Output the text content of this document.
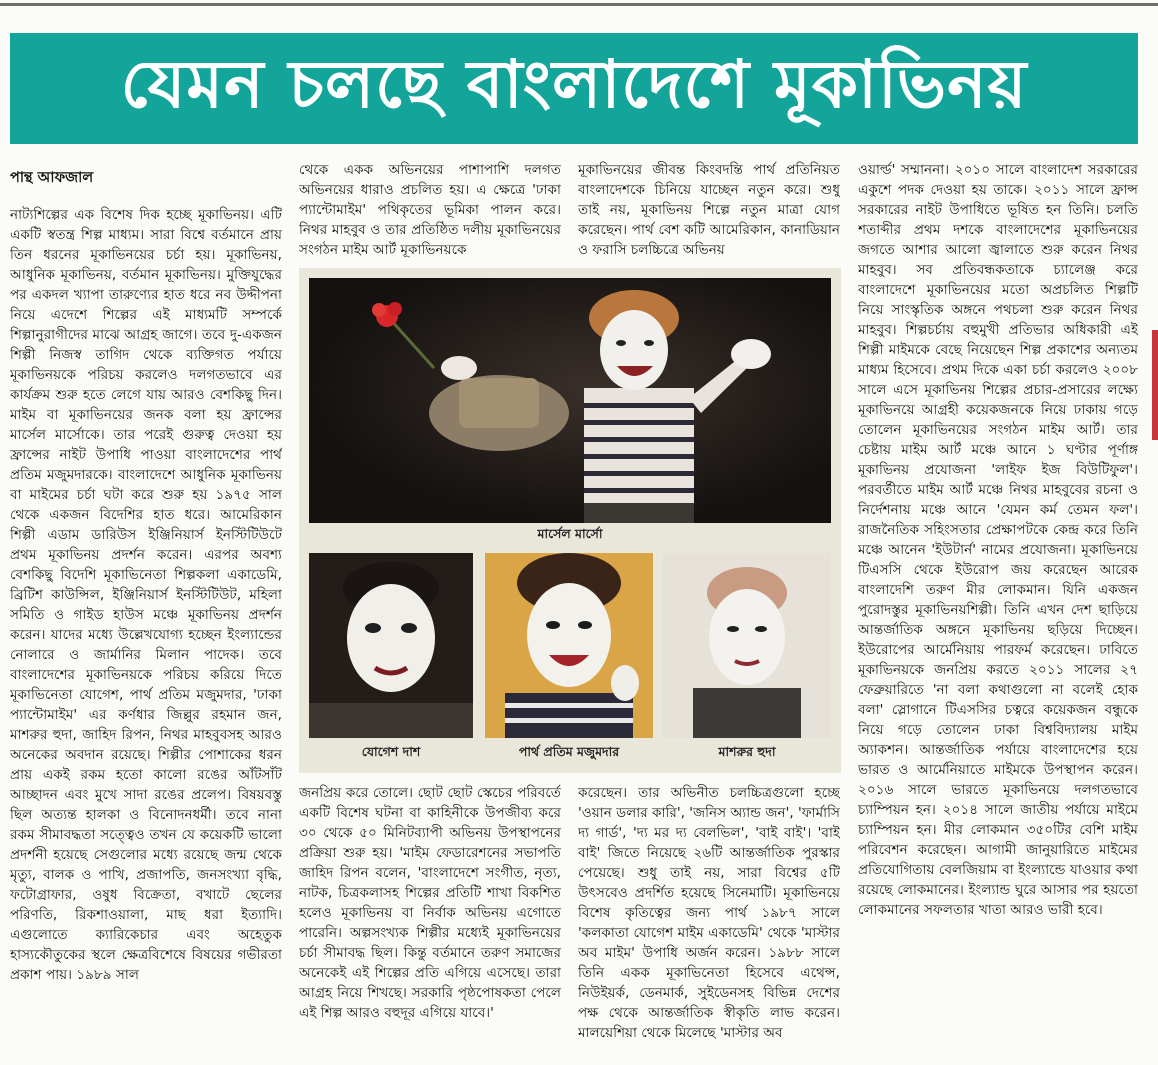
যেমন চলছে বাংলাদেশে মূকাভিনয়

পান্থ আফজাল

নাট্যশিল্পের এক বিশেষ দিক হচ্ছে মূকাভিনয়। এটি একটি স্বতন্ত্র শিল্প মাধ্যম। সারা বিশ্বে বর্তমানে প্রায় তিন ধরনের মূকাভিনয়ের চর্চা হয়। মূকাভিনয়, আধুনিক মূকাভিনয়, বর্তমান মূকাভিনয়। মুক্তিযুদ্ধের পর একদল খ্যাপা তারুণ্যের হাত ধরে নব উদ্দীপনা নিয়ে এদেশে শিল্পের এই মাধ্যমটি সম্পর্কে শিল্পানুরাগীদের মাঝে আগ্রহ জাগে। তবে দু-একজন শিল্পী নিজস্ব তাগিদ থেকে ব্যক্তিগত পর্যায়ে মূকাভিনয়কে পরিচয় করলেও দলগতভাবে এর কার্যক্রম শুরু হতে লেগে যায় আরও বেশকিছু দিন। মাইম বা মূকাভিনয়ের জনক বলা হয় ফ্রান্সের মার্সেল মার্সোকে। তার পরেই গুরুত্ব দেওয়া হয় ফ্রান্সের নাইট উপাধি পাওয়া বাংলাদেশের পার্থ প্রতিম মজুমদারকে। বাংলাদেশে আধুনিক মূকাভিনয় বা মাইমের চর্চা ঘটা করে শুরু হয় ১৯৭৫ সাল থেকে একজন বিদেশির হাত ধরে। আমেরিকান শিল্পী এডাম ডারিউস ইঞ্জিনিয়ার্স ইনস্টিটিউটে প্রথম মূকাভিনয় প্রদর্শন করেন। এরপর অবশ্য বেশকিছু বিদেশি মূকাভিনেতা শিল্পকলা একাডেমি, ব্রিটিশ কাউন্সিল, ইঞ্জিনিয়ার্স ইনস্টিটিউট, মহিলা সমিতি ও গাইড হাউস মঞ্চে মূকাভিনয় প্রদর্শন করেন। যাদের মধ্যে উল্লেখযোগ্য হচ্ছেন ইংল্যান্ডের নোলারে ও জার্মানির মিলান পাদেক। তবে বাংলাদেশের মূকাভিনয়কে পরিচয় করিয়ে দিতে মূকাভিনেতা যোগেশ, পার্থ প্রতিম মজুমদার, 'ঢাকা প্যান্টোমাইম' এর কর্ণধার জিল্লুর রহমান জন, মাশরুর হুদা, জাহিদ রিপন, নিথর মাহবুবসহ আরও অনেকের অবদান রয়েছে। শিল্পীর পোশাকের ধরন প্রায় একই রকম হতো কালো রঙের আঁটসাঁট আচ্ছাদন এবং মুখে সাদা রঙের প্রলেপ। বিষয়বস্তু ছিল অত্যন্ত হালকা ও বিনোদনধর্মী। তবে নানা রকম সীমাবদ্ধতা সত্ত্বেও তখন যে কয়েকটি ভালো প্রদর্শনী হয়েছে সেগুলোর মধ্যে রয়েছে জন্ম থেকে মৃত্যু, বালক ও পাখি, প্রজাপতি, জনসংখ্যা বৃদ্ধি, ফটোগ্রাফার, ওষুধ বিক্রেতা, বখাটে ছেলের পরিণতি, রিকশাওয়ালা, মাছ ধরা ইত্যাদি। এগুলোতে ক্যারিকেচার এবং অহেতুক হাস্যকৌতুকের স্থলে ক্ষেত্রবিশেষে বিষয়ের গভীরতা প্রকাশ পায়। ১৯৮৯ সাল

থেকে একক অভিনয়ের পাশাপাশি দলগত অভিনয়ের ধারাও প্রচলিত হয়। এ ক্ষেত্রে 'ঢাকা প্যান্টোমাইম' পথিকৃতের ভূমিকা পালন করে। নিথর মাহবুব ও তার প্রতিষ্ঠিত দলীয় মূকাভিনয়ের সংগঠন মাইম আর্ট মূকাভিনয়কে

মূকাভিনয়ের জীবন্ত কিংবদন্তি পার্থ প্রতিনিয়ত বাংলাদেশকে চিনিয়ে যাচ্ছেন নতুন করে। শুধু তাই নয়, মূকাভিনয় শিল্পে নতুন মাত্রা যোগ করেছেন। পার্থ বেশ কটি আমেরিকান, কানাডিয়ান ও ফরাসি চলচ্চিত্রে অভিনয়

মার্সেল মার্সো
যোগেশ দাশ	পার্থ প্রতিম মজুমদার	মাশরুর হুদা

জনপ্রিয় করে তোলে। ছোট ছোট স্কেচের পরিবর্তে একটি বিশেষ ঘটনা বা কাহিনীকে উপজীব্য করে ৩০ থেকে ৫০ মিনিটব্যাপী অভিনয় উপস্থাপনের প্রক্রিয়া শুরু হয়। 'মাইম ফেডারেশনের সভাপতি জাহিদ রিপন বলেন, 'বাংলাদেশে সংগীত, নৃত্য, নাটক, চিত্রকলাসহ শিল্পের প্রতিটি শাখা বিকশিত হলেও মূকাভিনয় বা নির্বাক অভিনয় এগোতে পারেনি। অল্পসংখ্যক শিল্পীর মধ্যেই মূকাভিনয়ের চর্চা সীমাবদ্ধ ছিল। কিন্তু বর্তমানে তরুণ সমাজের অনেকেই এই শিল্পের প্রতি এগিয়ে এসেছে। তারা আগ্রহ নিয়ে শিখছে। সরকারি পৃষ্ঠপোষকতা পেলে এই শিল্প আরও বহুদূর এগিয়ে যাবে।'

করেছেন। তার অভিনীত চলচ্চিত্রগুলো হচ্ছে 'ওয়ান ডলার কারি', 'জনিস অ্যান্ড জন', 'ফার্মাসি দ্য গার্ড', 'দ্য মর দ্য বেলভিল', 'বাই বাই'। 'বাই বাই' জিতে নিয়েছে ২৬টি আন্তর্জাতিক পুরস্কার পেয়েছে। শুধু তাই নয়, সারা বিশ্বের ৫টি উৎসবেও প্রদর্শিত হয়েছে সিনেমাটি। মূকাভিনয়ে বিশেষ কৃতিত্বের জন্য পার্থ ১৯৮৭ সালে 'কলকাতা যোগেশ মাইম একাডেমি' থেকে 'মাস্টার অব মাইম' উপাধি অর্জন করেন। ১৯৮৮ সালে তিনি একক মূকাভিনেতা হিসেবে এথেন্স, নিউইয়র্ক, ডেনমার্ক, সুইডেনসহ বিভিন্ন দেশের পক্ষ থেকে আন্তর্জাতিক স্বীকৃতি লাভ করেন। মালয়েশিয়া থেকে মিলেছে 'মাস্টার অব

ওয়ার্ল্ড' সম্মাননা। ২০১০ সালে বাংলাদেশ সরকারের একুশে পদক দেওয়া হয় তাকে। ২০১১ সালে ফ্রান্স সরকারের নাইট উপাধিতে ভূষিত হন তিনি। চলতি শতাব্দীর প্রথম দশকে বাংলাদেশের মূকাভিনয়ের জগতে আশার আলো জ্বালাতে শুরু করেন নিথর মাহবুব। সব প্রতিবন্ধকতাকে চ্যালেঞ্জ করে বাংলাদেশে মূকাভিনয়ের মতো অপ্রচলিত শিল্পটি নিয়ে সাংস্কৃতিক অঙ্গনে পথচলা শুরু করেন নিথর মাহবুব। শিল্পচর্চায় বহুমুখী প্রতিভার অধিকারী এই শিল্পী মাইমকে বেছে নিয়েছেন শিল্প প্রকাশের অন্যতম মাধ্যম হিসেবে। প্রথম দিকে একা চর্চা করলেও ২০০৮ সালে এসে মূকাভিনয় শিল্পের প্রচার-প্রসারের লক্ষ্যে মূকাভিনয়ে আগ্রহী কয়েকজনকে নিয়ে ঢাকায় গড়ে তোলেন মূকাভিনয়ের সংগঠন মাইম আর্ট। তার চেষ্টায় মাইম আর্ট মঞ্চে আনে ১ ঘণ্টার পূর্ণাঙ্গ মূকাভিনয় প্রযোজনা 'লাইফ ইজ বিউটিফুল'। পরবর্তীতে মাইম আর্ট মঞ্চে নিথর মাহবুবের রচনা ও নির্দেশনায় মঞ্চে আনে 'যেমন কর্ম তেমন ফল'। রাজনৈতিক সহিংসতার প্রেক্ষাপটকে কেন্দ্র করে তিনি মঞ্চে আনেন 'ইউটার্ন' নামের প্রযোজনা। মূকাভিনয়ে টিএসসি থেকে ইউরোপ জয় করেছেন আরেক বাংলাদেশি তরুণ মীর লোকমান। যিনি একজন পুরোদস্তুর মূকাভিনয়শিল্পী। তিনি এখন দেশ ছাড়িয়ে আন্তর্জাতিক অঙ্গনে মূকাভিনয় ছড়িয়ে দিচ্ছেন। ইউরোপের আর্মেনিয়ায় পারফর্ম করেছেন। ঢাবিতে মূকাভিনয়কে জনপ্রিয় করতে ২০১১ সালের ২৭ ফেব্রুয়ারিতে 'না বলা কথাগুলো না বলেই হোক বলা' স্লোগানে টিএসসির চত্বরে কয়েকজন বন্ধুকে নিয়ে গড়ে তোলেন ঢাকা বিশ্ববিদ্যালয় মাইম অ্যাকশন। আন্তর্জাতিক পর্যায়ে বাংলাদেশের হয়ে ভারত ও আর্মেনিয়াতে মাইমকে উপস্থাপন করেন। ২০১৬ সালে ভারতে মূকাভিনয়ে দলগতভাবে চ্যাম্পিয়ন হন। ২০১৪ সালে জাতীয় পর্যায়ে মাইমে চ্যাম্পিয়ন হন। মীর লোকমান ৩৫০টির বেশি মাইম পরিবেশন করেছেন। আগামী জানুয়ারিতে মাইমের প্রতিযোগিতায় বেলজিয়াম বা ইংল্যান্ডে যাওয়ার কথা রয়েছে লোকমানের। ইংল্যান্ড ঘুরে আসার পর হয়তো লোকমানের সফলতার খাতা আরও ভারী হবে।
